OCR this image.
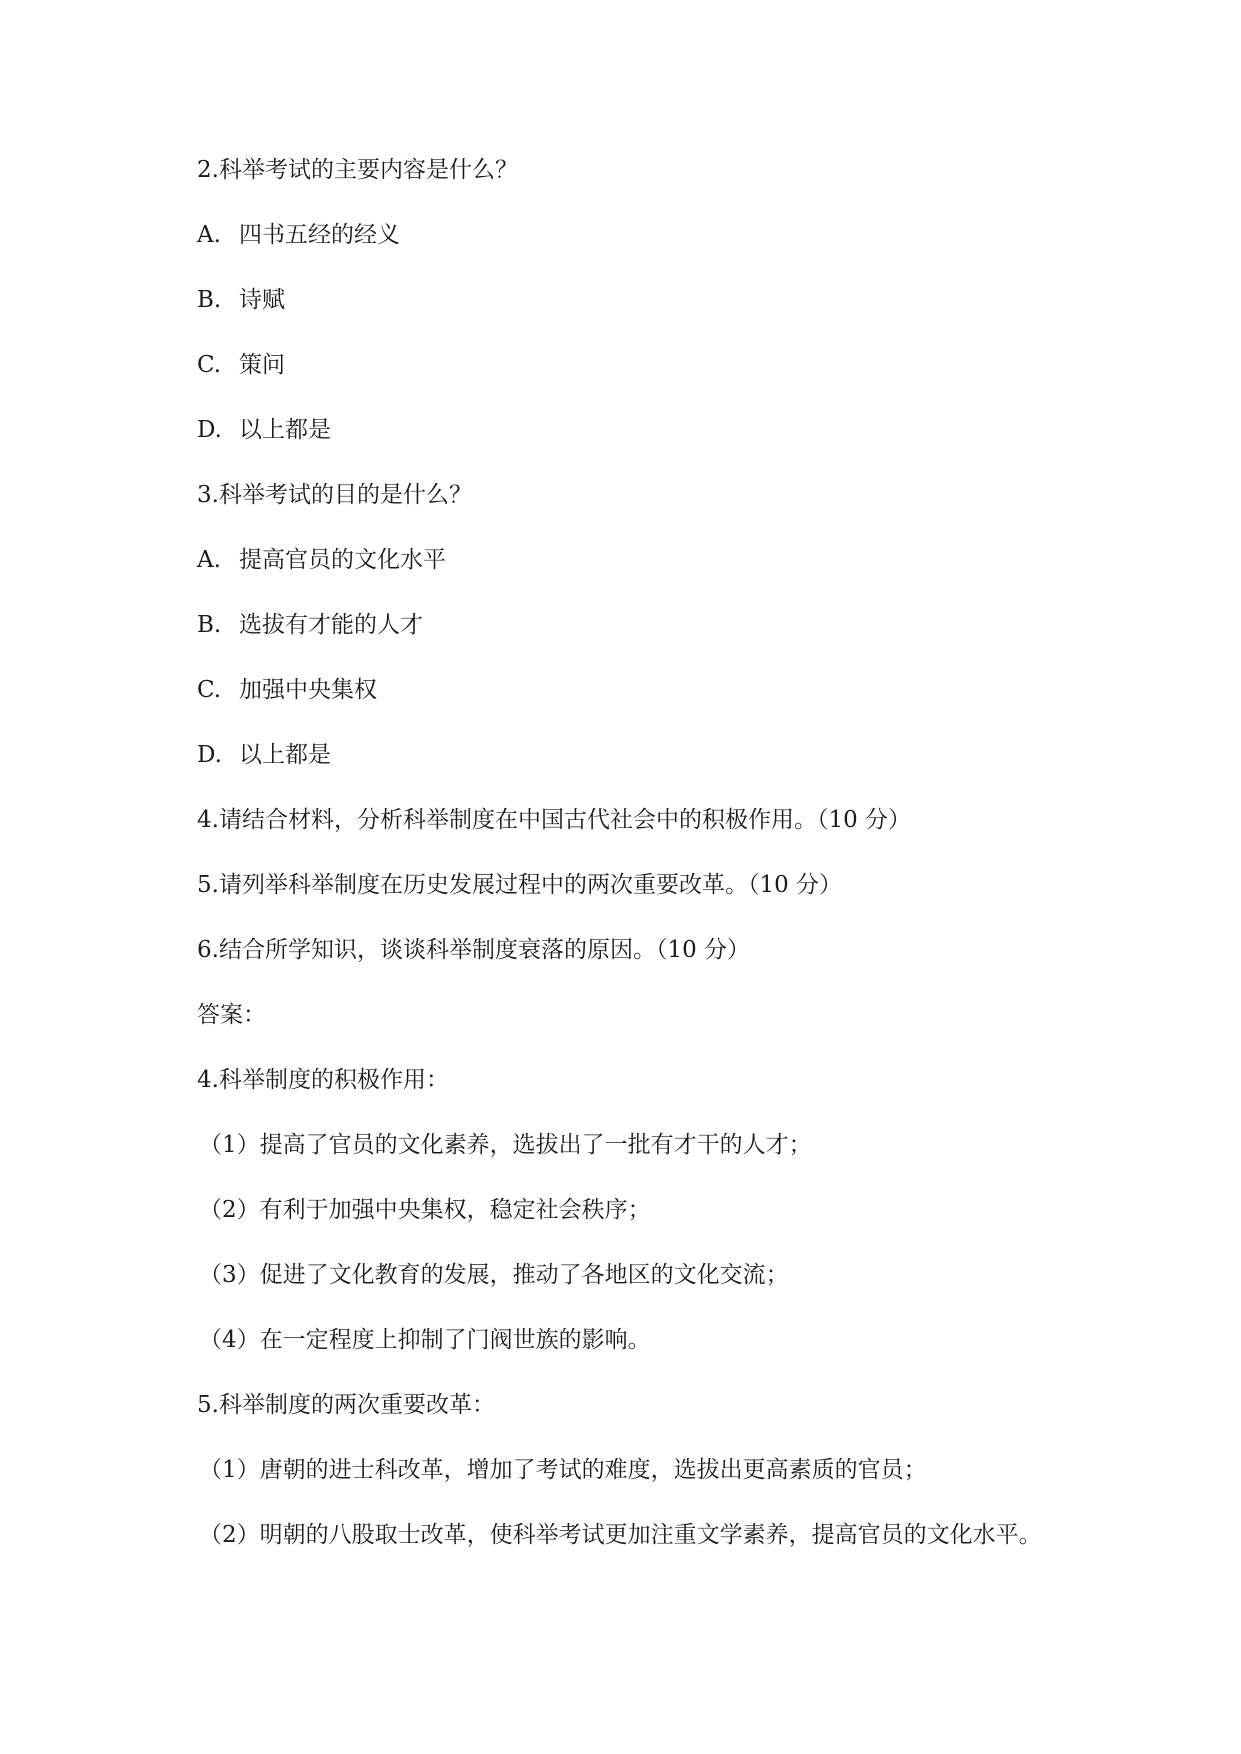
2.科举考试的主要内容是什么？
A. 四书五经的经义
B. 诗赋
C. 策问
D. 以上都是
3.科举考试的目的是什么？
A. 提高官员的文化水平
B. 选拔有才能的人才
C. 加强中央集权
D. 以上都是
4.请结合材料，分析科举制度在中国古代社会中的积极作用。（10 分）
5.请列举科举制度在历史发展过程中的两次重要改革。（10 分）
6.结合所学知识，谈谈科举制度衰落的原因。（10 分）
答案：
4.科举制度的积极作用：
（1）提高了官员的文化素养，选拔出了一批有才干的人才；
（2）有利于加强中央集权，稳定社会秩序；
（3）促进了文化教育的发展，推动了各地区的文化交流；
（4）在一定程度上抑制了门阀世族的影响。
5.科举制度的两次重要改革：
（1）唐朝的进士科改革，增加了考试的难度，选拔出更高素质的官员；
（2）明朝的八股取士改革，使科举考试更加注重文学素养，提高官员的文化水平。
